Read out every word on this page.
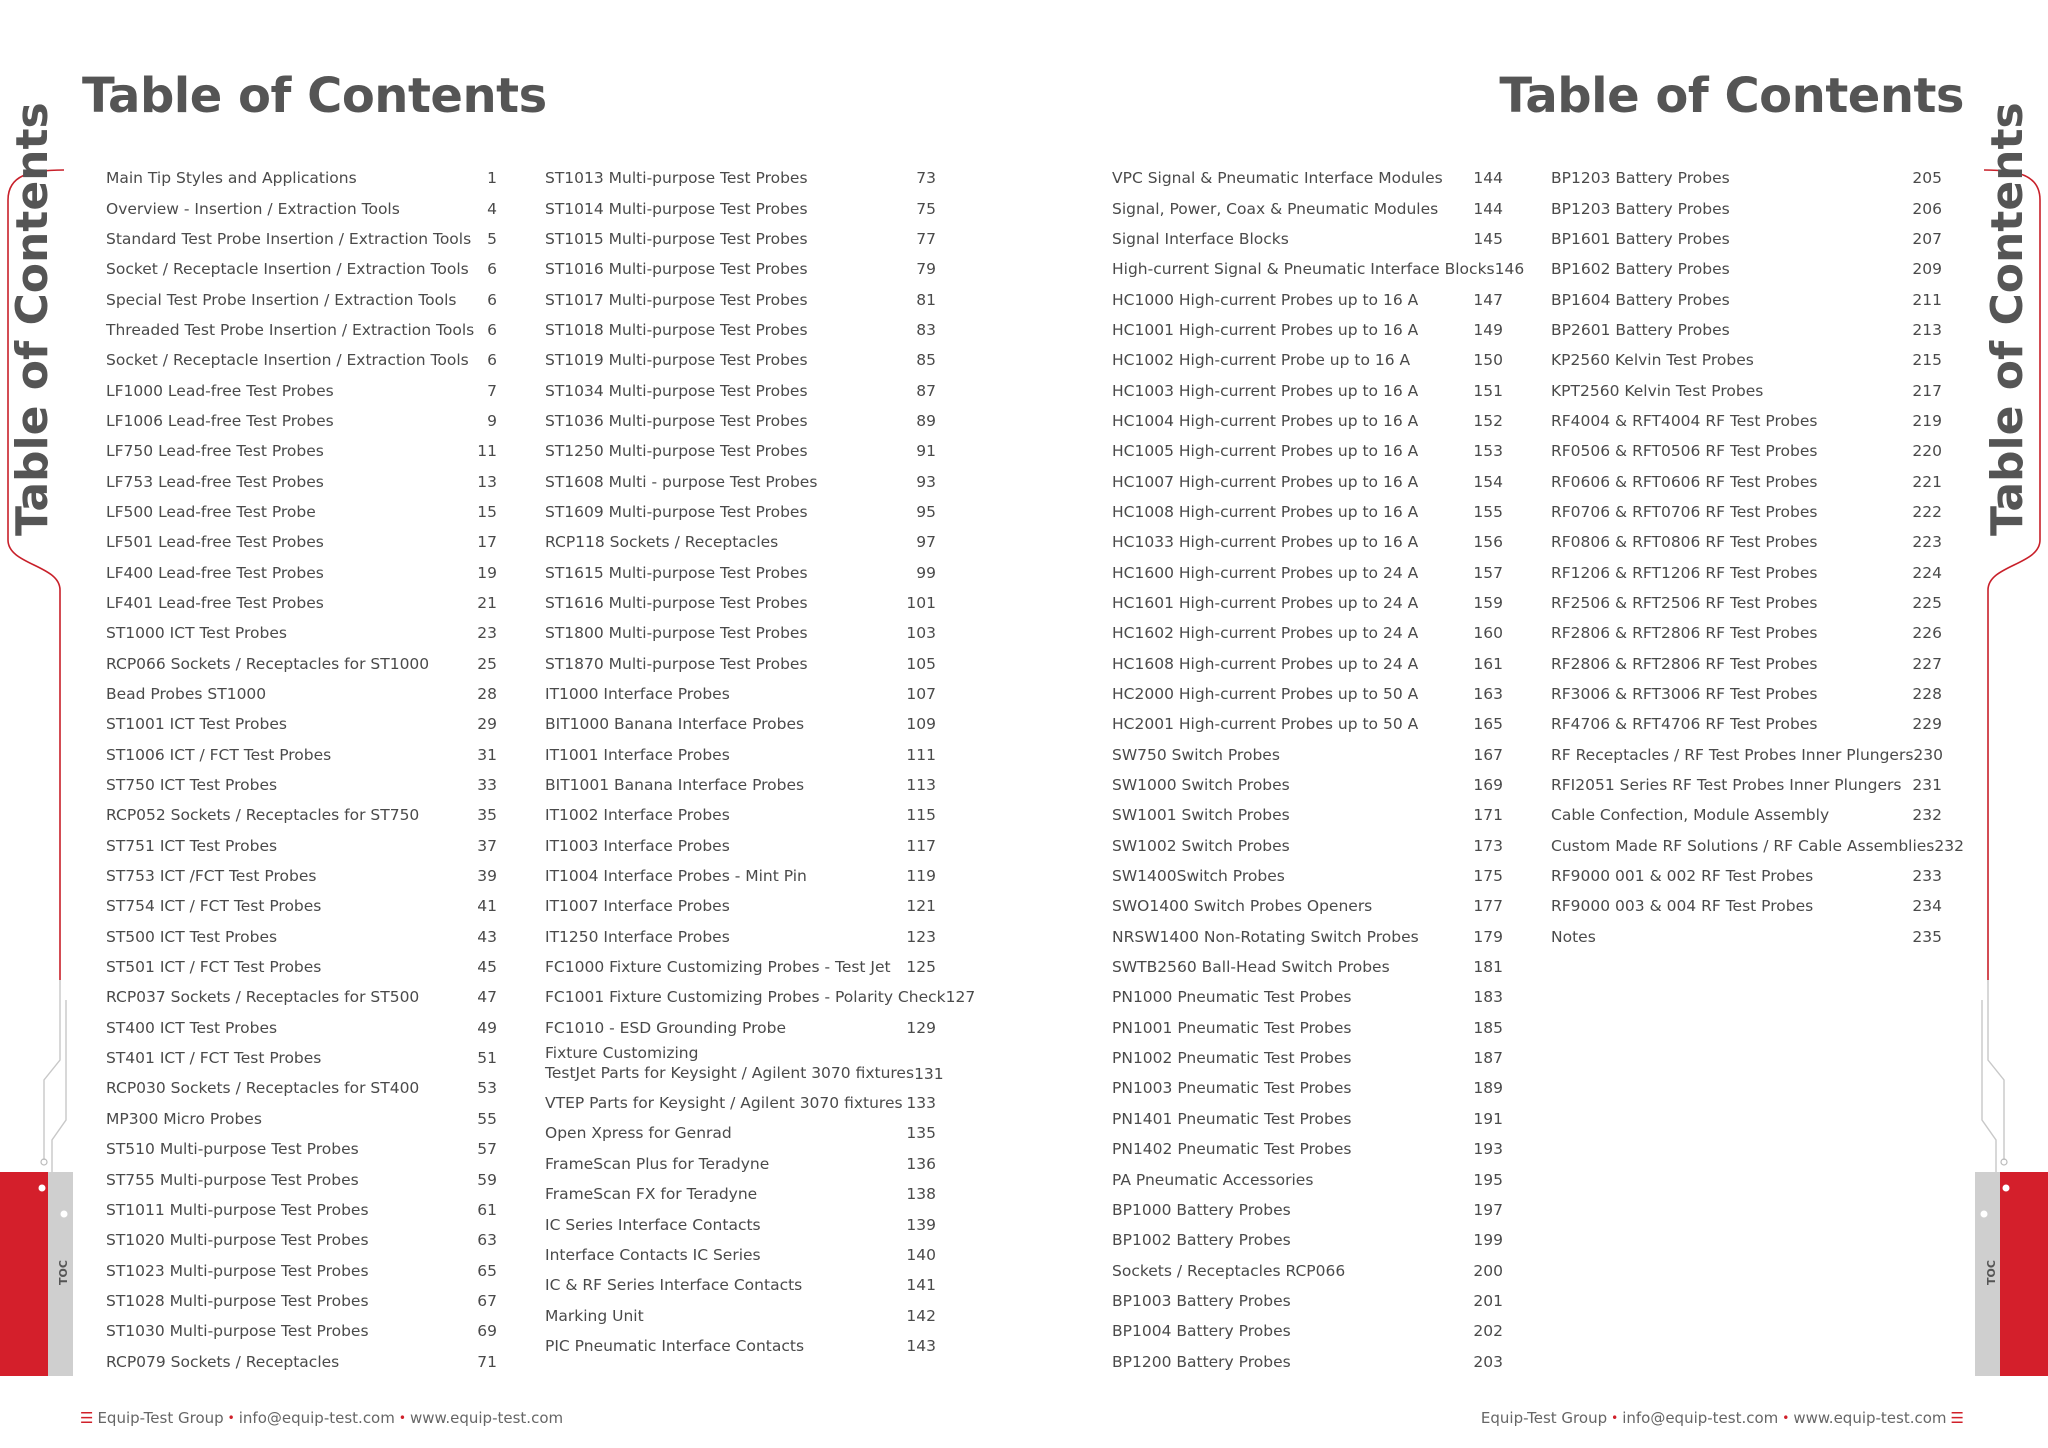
Table of Contents
TOC
Table of Contents
TOC
Table of Contents	Table of Contents
Main Tip Styles and Applications	1
Overview - Insertion / Extraction Tools	4
Standard Test Probe Insertion / Extraction Tools	5
Socket / Receptacle Insertion / Extraction Tools	6
Special Test Probe Insertion / Extraction Tools	6
Threaded Test Probe Insertion / Extraction Tools 6
Socket / Receptacle Insertion / Extraction Tools	6
LF1000 Lead-free Test Probes	7
LF1006 Lead-free Test Probes	9
LF750 Lead-free Test Probes	11
LF753 Lead-free Test Probes	13
LF500 Lead-free Test Probe	15
LF501 Lead-free Test Probes	17
LF400 Lead-free Test Probes	19
LF401 Lead-free Test Probes	21
ST1000 ICT Test Probes	23
RCP066 Sockets / Receptacles for ST1000	25
Bead Probes ST1000	28
ST1001 ICT Test Probes	29
ST1006 ICT / FCT Test Probes	31
ST750 ICT Test Probes	33
RCP052 Sockets / Receptacles for ST750	35
ST751 ICT Test Probes	37
ST753 ICT /FCT Test Probes	39
ST754 ICT / FCT Test Probes	41
ST500 ICT Test Probes	43
ST501 ICT / FCT Test Probes	45
RCP037 Sockets / Receptacles for ST500	47
ST400 ICT Test Probes	49
ST401 ICT / FCT Test Probes	51
RCP030 Sockets / Receptacles for ST400	53
MP300 Micro Probes	55
ST510 Multi-purpose Test Probes	57
ST755 Multi-purpose Test Probes	59
ST1011 Multi-purpose Test Probes	61
ST1020 Multi-purpose Test Probes	63
ST1023 Multi-purpose Test Probes	65
ST1028 Multi-purpose Test Probes	67
ST1030 Multi-purpose Test Probes	69
RCP079 Sockets / Receptacles	71
ST1013 Multi-purpose Test Probes	73
ST1014 Multi-purpose Test Probes	75
ST1015 Multi-purpose Test Probes	77
ST1016 Multi-purpose Test Probes	79
ST1017 Multi-purpose Test Probes	81
ST1018 Multi-purpose Test Probes	83
ST1019 Multi-purpose Test Probes	85
ST1034 Multi-purpose Test Probes	87
ST1036 Multi-purpose Test Probes	89
ST1250 Multi-purpose Test Probes	91
ST1608 Multi - purpose Test Probes	93
ST1609 Multi-purpose Test Probes	95
RCP118 Sockets / Receptacles	97
ST1615 Multi-purpose Test Probes	99
ST1616 Multi-purpose Test Probes	101
ST1800 Multi-purpose Test Probes	103
ST1870 Multi-purpose Test Probes	105
IT1000 Interface Probes	107
BIT1000 Banana Interface Probes	109
IT1001 Interface Probes	111
BIT1001 Banana Interface Probes	113
IT1002 Interface Probes	115
IT1003 Interface Probes	117
IT1004 Interface Probes - Mint Pin	119
IT1007 Interface Probes	121
IT1250 Interface Probes	123
FC1000 Fixture Customizing Probes - Test Jet	125
FC1001 Fixture Customizing Probes - Polarity Check 127
FC1010 - ESD Grounding Probe	129
Fixture Customizing
TestJet Parts for Keysight / Agilent 3070 fixtures 131
VTEP Parts for Keysight / Agilent 3070 fixtures 133
Open Xpress for Genrad	135
FrameScan Plus for Teradyne	136
FrameScan FX for Teradyne	138
IC Series Interface Contacts	139
Interface Contacts IC Series	140
IC & RF Series Interface Contacts	141
Marking Unit	142
PIC Pneumatic Interface Contacts	143
VPC Signal & Pneumatic Interface Modules	144
Signal, Power, Coax & Pneumatic Modules	144
Signal Interface Blocks	145
High-current Signal & Pneumatic Interface Blocks 146
HC1000 High-current Probes up to 16 A	147
HC1001 High-current Probes up to 16 A	149
HC1002 High-current Probe up to 16 A	150
HC1003 High-current Probes up to 16 A	151
HC1004 High-current Probes up to 16 A	152
HC1005 High-current Probes up to 16 A	153
HC1007 High-current Probes up to 16 A	154
HC1008 High-current Probes up to 16 A	155
HC1033 High-current Probes up to 16 A	156
HC1600 High-current Probes up to 24 A	157
HC1601 High-current Probes up to 24 A	159
HC1602 High-current Probes up to 24 A	160
HC1608 High-current Probes up to 24 A	161
HC2000 High-current Probes up to 50 A	163
HC2001 High-current Probes up to 50 A	165
SW750 Switch Probes	167
SW1000 Switch Probes	169
SW1001 Switch Probes	171
SW1002 Switch Probes	173
SW1400Switch Probes	175
SWO1400 Switch Probes Openers	177
NRSW1400 Non-Rotating Switch Probes	179
SWTB2560 Ball-Head Switch Probes	181
PN1000 Pneumatic Test Probes	183
PN1001 Pneumatic Test Probes	185
PN1002 Pneumatic Test Probes	187
PN1003 Pneumatic Test Probes	189
PN1401 Pneumatic Test Probes	191
PN1402 Pneumatic Test Probes	193
PA Pneumatic Accessories	195
BP1000 Battery Probes	197
BP1002 Battery Probes	199
Sockets / Receptacles RCP066	200
BP1003 Battery Probes	201
BP1004 Battery Probes	202
BP1200 Battery Probes	203
BP1203 Battery Probes	205
BP1203 Battery Probes	206
BP1601 Battery Probes	207
BP1602 Battery Probes	209
BP1604 Battery Probes	211
BP2601 Battery Probes	213
KP2560 Kelvin Test Probes	215
KPT2560 Kelvin Test Probes	217
RF4004 & RFT4004 RF Test Probes	219
RF0506 & RFT0506 RF Test Probes	220
RF0606 & RFT0606 RF Test Probes	221
RF0706 & RFT0706 RF Test Probes	222
RF0806 & RFT0806 RF Test Probes	223
RF1206 & RFT1206 RF Test Probes	224
RF2506 & RFT2506 RF Test Probes	225
RF2806 & RFT2806 RF Test Probes	226
RF2806 & RFT2806 RF Test Probes	227
RF3006 & RFT3006 RF Test Probes	228
RF4706 & RFT4706 RF Test Probes	229
RF Receptacles / RF Test Probes Inner Plungers 230
RFI2051 Series RF Test Probes Inner Plungers 231
Cable Confection, Module Assembly	232
Custom Made RF Solutions / RF Cable Assemblies 232
RF9000 001 & 002 RF Test Probes	233
RF9000 003 & 004 RF Test Probes	234
Notes	235
☰ Equip-Test Group • info@equip-test.com • www.equip-test.com	Equip-Test Group • info@equip-test.com • www.equip-test.com ☰
